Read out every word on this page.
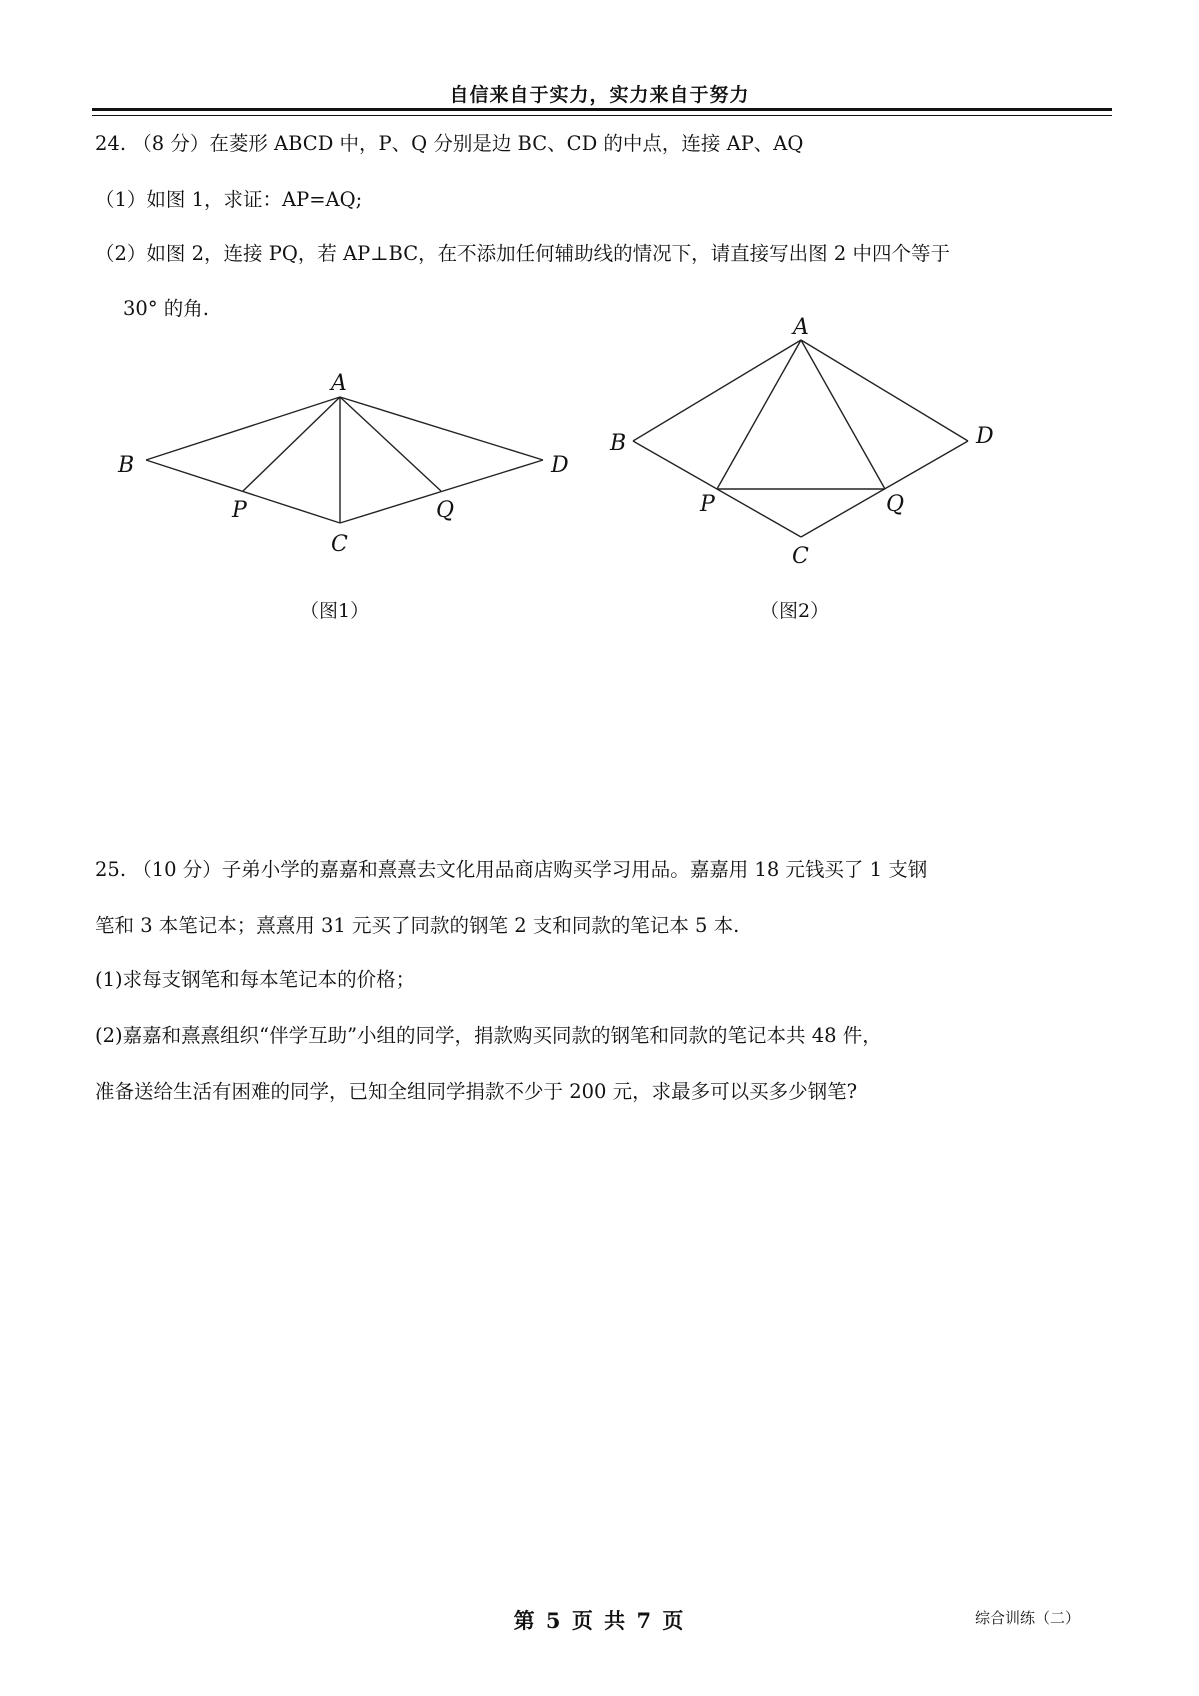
自信来自于实力，实力来自于努力
24. （8 分）在菱形 ABCD 中，P、Q 分别是边 BC、CD 的中点，连接 AP、AQ
（1）如图 1，求证：AP=AQ;
（2）如图 2，连接 PQ，若 AP⊥BC，在不添加任何辅助线的情况下，请直接写出图 2 中四个等于
30° 的角.
A
B	D
P	Q
C
A
B	D
P	Q
C
（图1）	（图2）
25. （10 分）子弟小学的嘉嘉和熹熹去文化用品商店购买学习用品。嘉嘉用 18 元钱买了 1 支钢
笔和 3 本笔记本；熹熹用 31 元买了同款的钢笔 2 支和同款的笔记本 5 本.
(1)求每支钢笔和每本笔记本的价格；
(2)嘉嘉和熹熹组织“伴学互助”小组的同学，捐款购买同款的钢笔和同款的笔记本共 48 件，
准备送给生活有困难的同学，已知全组同学捐款不少于 200 元，求最多可以买多少钢笔?
第 5 页 共 7 页	综合训练（二）
